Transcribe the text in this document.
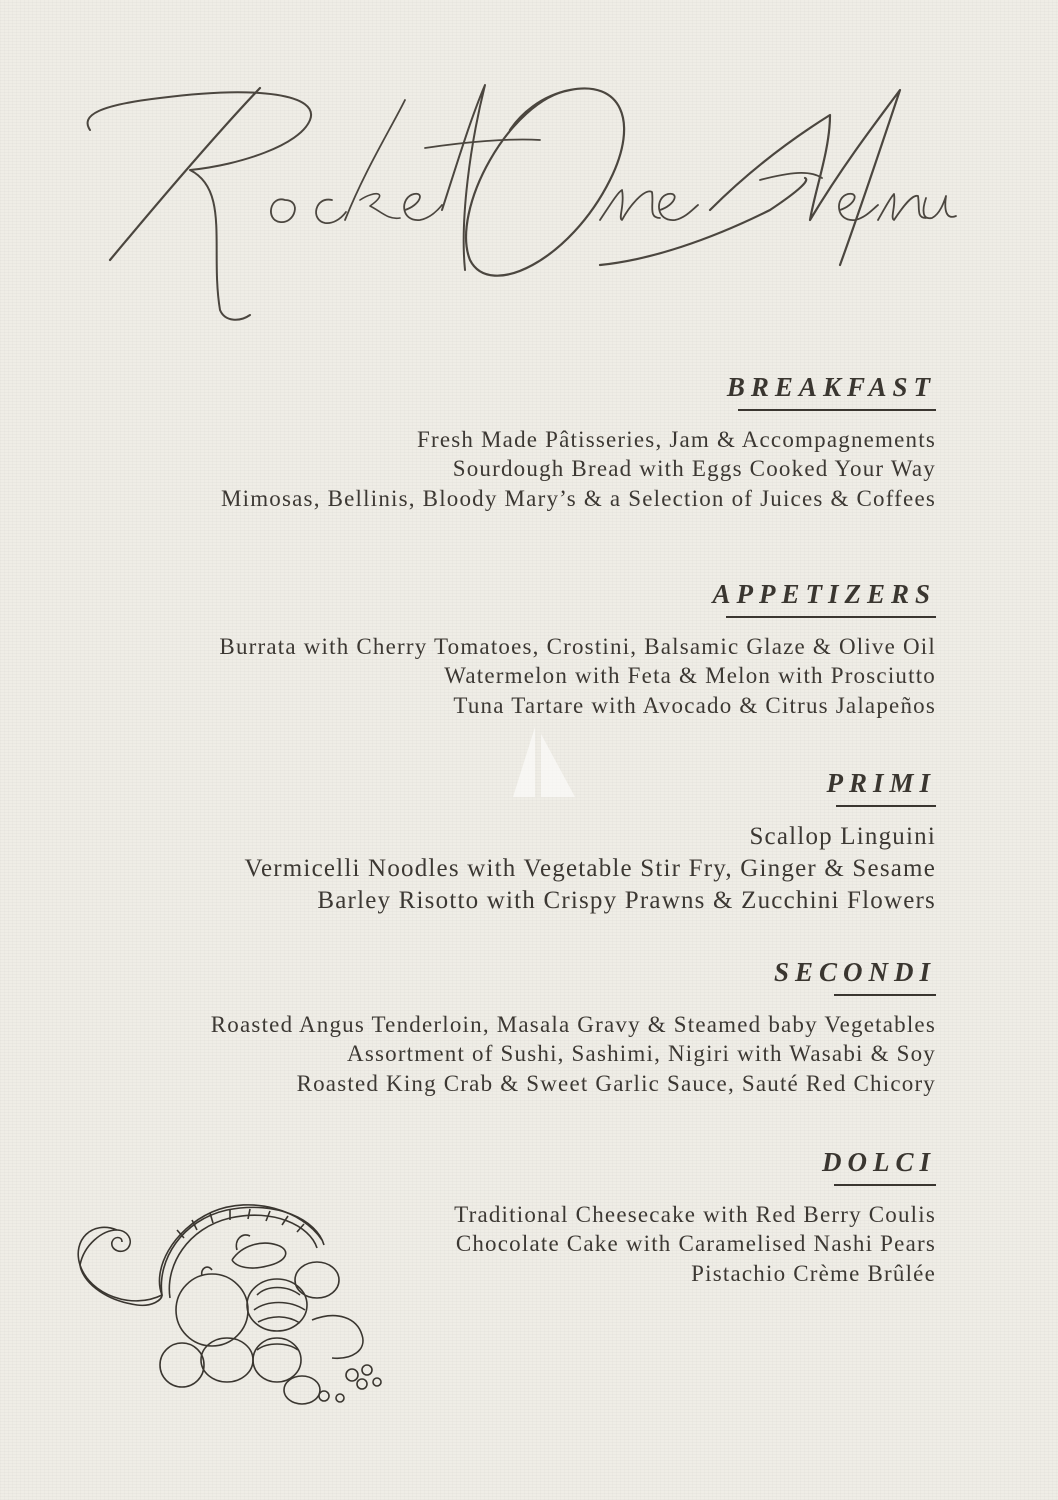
BREAKFAST
Fresh Made Pâtisseries, Jam & Accompagnements
Sourdough Bread with Eggs Cooked Your Way
Mimosas, Bellinis, Bloody Mary’s & a Selection of Juices & Coffees
APPETIZERS
Burrata with Cherry Tomatoes, Crostini, Balsamic Glaze & Olive Oil
Watermelon with Feta & Melon with Prosciutto
Tuna Tartare with Avocado & Citrus Jalapeños
PRIMI
Scallop Linguini
Vermicelli Noodles with Vegetable Stir Fry, Ginger & Sesame
Barley Risotto with Crispy Prawns & Zucchini Flowers
SECONDI
Roasted Angus Tenderloin, Masala Gravy & Steamed baby Vegetables
Assortment of Sushi, Sashimi, Nigiri with Wasabi & Soy
Roasted King Crab & Sweet Garlic Sauce, Sauté Red Chicory
DOLCI
Traditional Cheesecake with Red Berry Coulis
Chocolate Cake with Caramelised Nashi Pears
Pistachio Crème Brûlée
